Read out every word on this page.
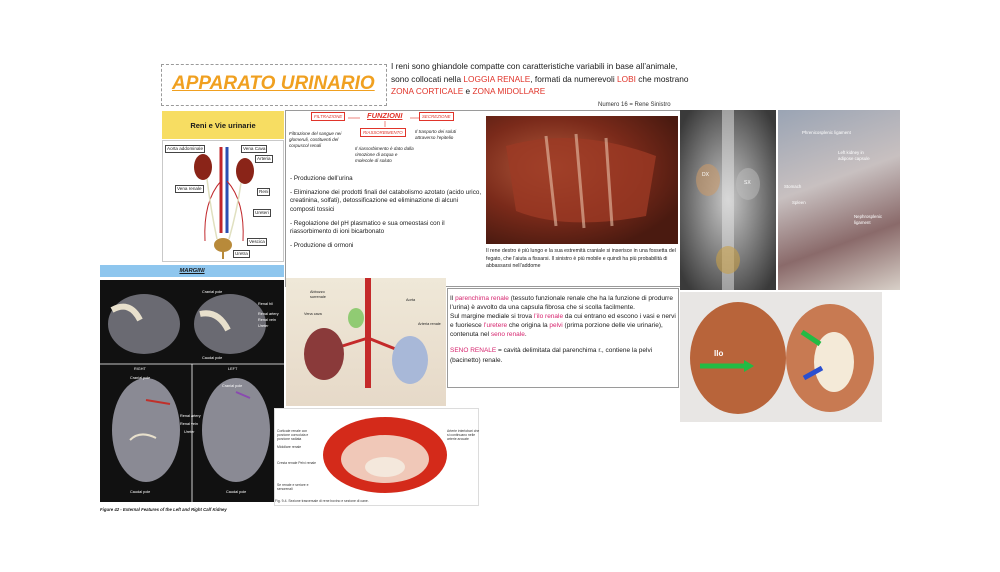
APPARATO URINARIO
I reni sono ghiandole compatte con caratteristiche variabili in base all’animale,
sono collocati nella LOGGIA RENALE, formati da numerevoli LOBI che mostrano
ZONA CORTICALE e ZONA MIDOLLARE
Numero 16 = Rene Sinistro
Reni e Vie urinarie
Aorta addominale	Vena Cava
Arteria
Vena renale
Reni
Ureteri
Vescica
Uretra
FUNZIONI
FILTRAZIONE	SECREZIONE
RIASSORBIMENTO
Filtrazione del sangue nei glomeruli, costituenti del corpuscol renali
Il trasporto dei soluti attraverso l’epitelio
Il riassorbimento è dato dalla rimozione di acqua e molecole di soluto
- Produzione dell’urina
- Eliminazione dei prodotti finali del catabolismo azotato (acido urico, creatinina, solfati), detossificazione ed eliminazione di alcuni composti tossici
- Regolazione del pH plasmatico e sua omeostasi con il riassorbimento di ioni bicarbonato
- Produzione di ormoni
Il rene destro è più lungo e la sua estremità craniale si inserisce in una fossetta del fegato, che l’aiuta a fissarsi. Il sinistro è più mobile e quindi ha più probabilità di abbassarsi nell’addome
DX
SX
Phrenicosplenic ligament
Left kidney in adipose capsule
Stomach
Spleen
Nephrosplenic ligament
MARGINI
Cranial pole
Renal hil
Renal artery
Renal vein
Ureter
Caudal pole
RIGHT	LEFT
Cranial pole
Cranial pole
Renal artery
Renal vein
Ureter
Caudal pole	Caudal pole
Figure 42 - External Features of the Left and Right Calf Kidney
Abbozzo surrenale
Aorta
Vena cava
Arteria renale

Il parenchima renale (tessuto funzionale renale che ha la funzione di produrre l’urina) è avvolto da una capsula fibrosa che si scolla facilmente.

Sul margine mediale si trova l’ilo renale da cui entrano ed escono i vasi e nervi e fuoriesce l’uretere che origina la pelvi (prima porzione delle vie urinarie), contenuta nel seno renale.

SENO RENALE = cavità delimitata dal parenchima r., contiene la pelvi (bacinetto) renale.

Corticale renale con porzione convoluta e porzione radiata
Midollare renale
Cresta renale Pelvi renale
Se renale e seriore e senorenali
Arterie interlobari che si continuano nelle arterie arcuate
Fig. 9-4. Sezione trasversale di rene bovino e sezione di cane.
Ilo
